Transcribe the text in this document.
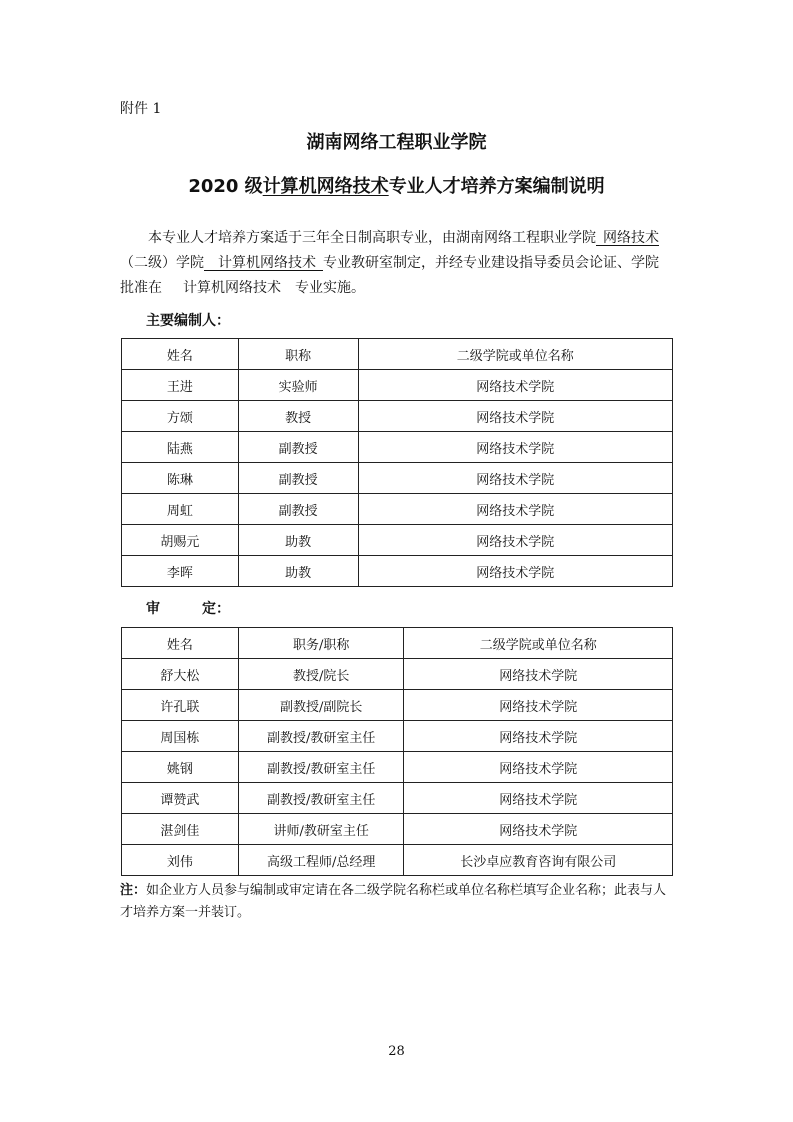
附件 1
湖南网络工程职业学院
2020 级计算机网络技术专业人才培养方案编制说明
本专业人才培养方案适于三年全日制高职专业，由湖南网络工程职业学院  网络技术
（二级）学院   计算机网络技术  专业教研室制定，并经专业建设指导委员会论证、学院
批准在    计算机网络技术   专业实施。
主要编制人：
姓名	职称	二级学院或单位名称
王进	实验师	网络技术学院
方颂	教授	网络技术学院
陆燕	副教授	网络技术学院
陈琳	副教授	网络技术学院
周虹	副教授	网络技术学院
胡赐元	助教	网络技术学院
李晖	助教	网络技术学院
审　　　定：
姓名	职务/职称	二级学院或单位名称
舒大松	教授/院长	网络技术学院
许孔联	副教授/副院长	网络技术学院
周国栋	副教授/教研室主任	网络技术学院
姚钢	副教授/教研室主任	网络技术学院
谭赞武	副教授/教研室主任	网络技术学院
湛剑佳	讲师/教研室主任	网络技术学院
刘伟	高级工程师/总经理	长沙卓应教育咨询有限公司
注：如企业方人员参与编制或审定请在各二级学院名称栏或单位名称栏填写企业名称；此表与人才培养方案一并装订。
28
